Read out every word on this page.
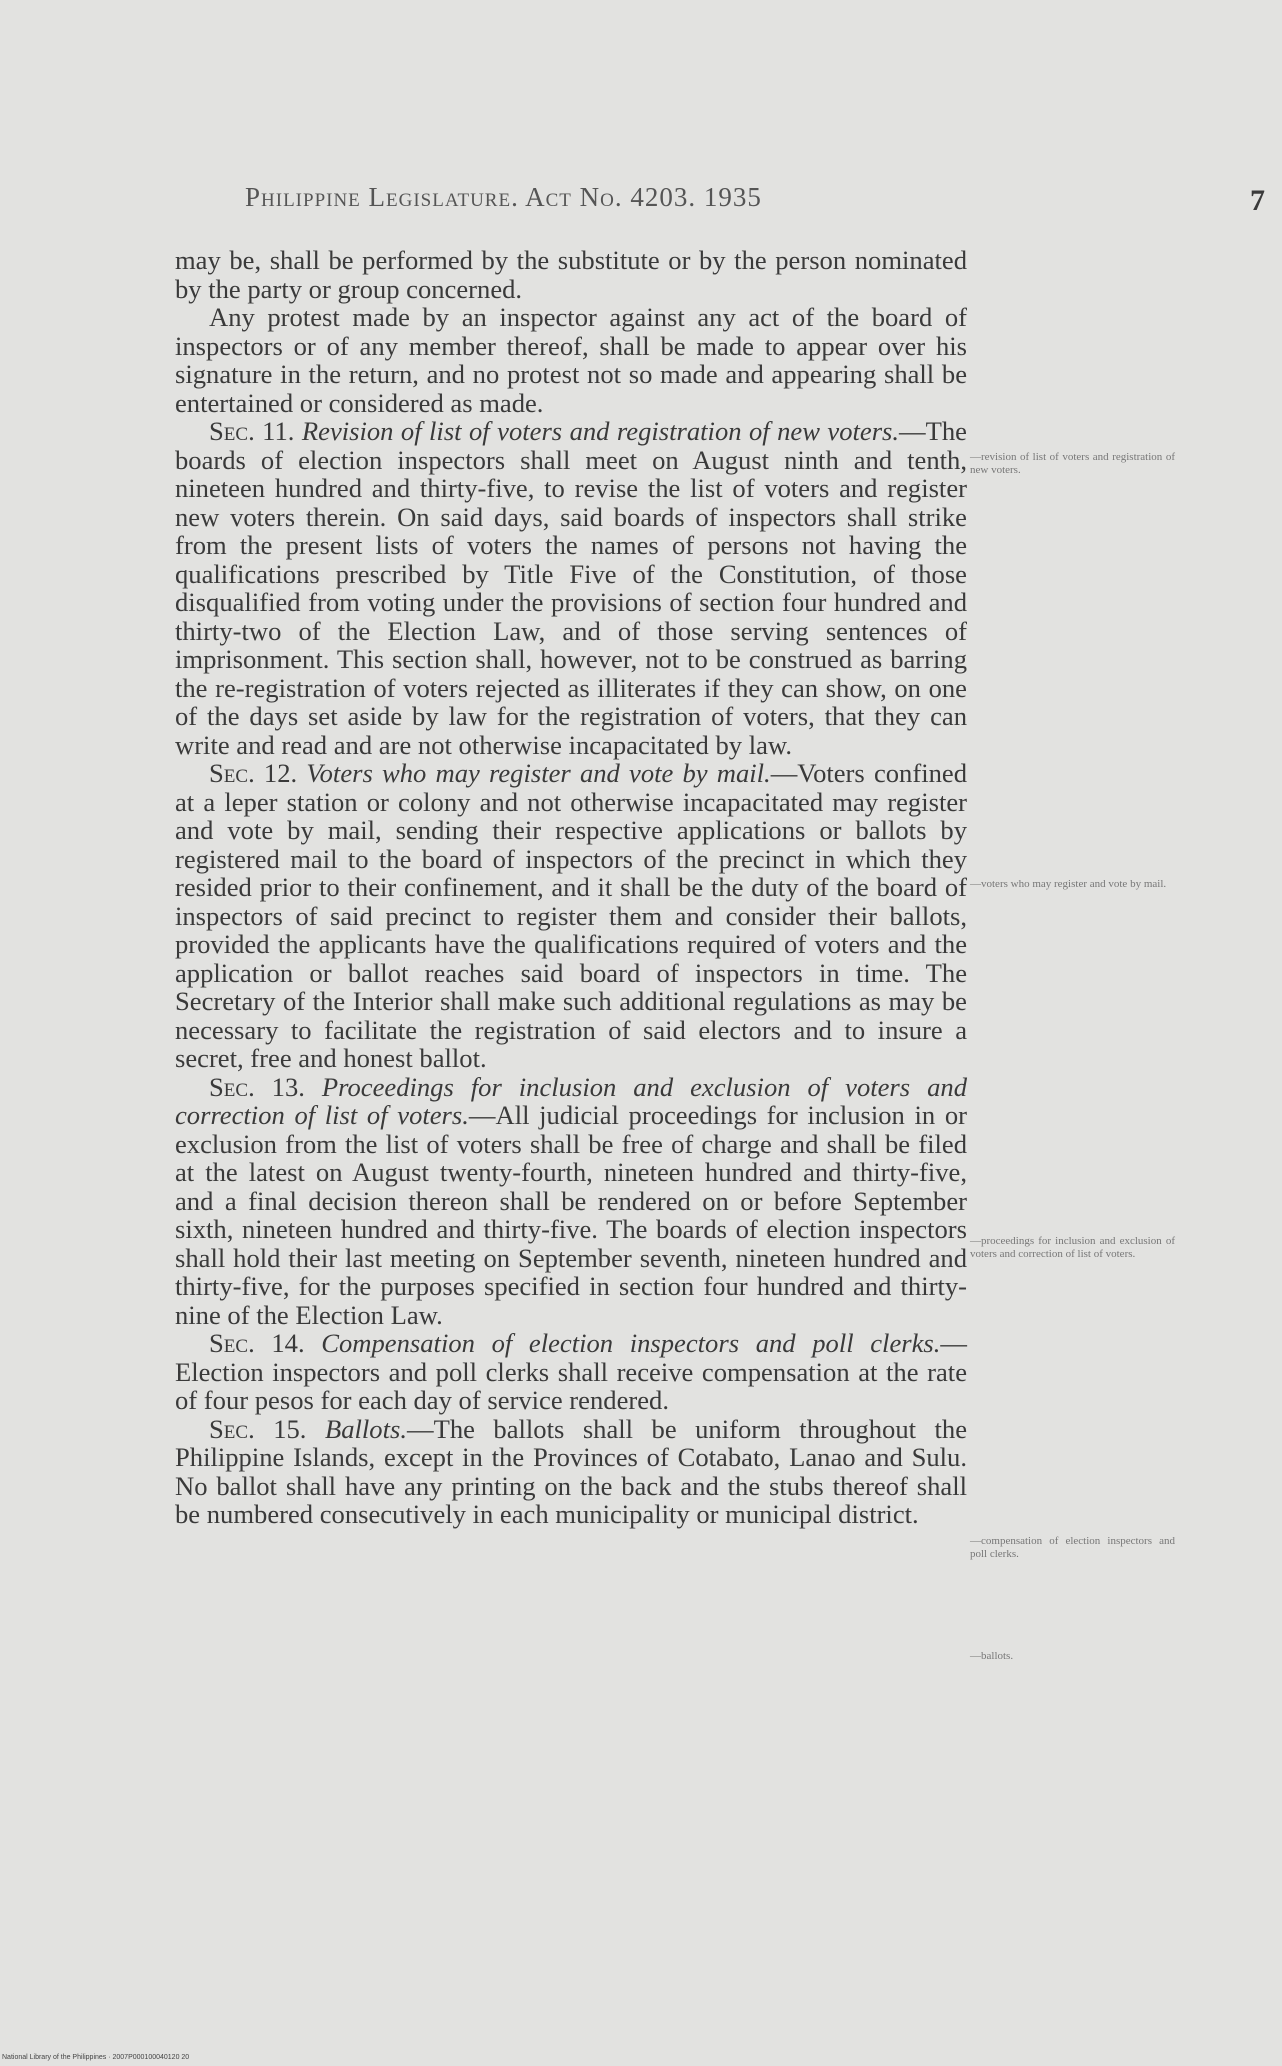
Philippine Legislature. Act No. 4203. 1935	7

may be, shall be performed by the substitute or by the person nominated by the party or group concerned.

Any protest made by an inspector against any act of the board of inspectors or of any member thereof, shall be made to appear over his signature in the return, and no protest not so made and appearing shall be entertained or considered as made.

Sec. 11. Revision of list of voters and registration of new voters.—The boards of election inspectors shall meet on August ninth and tenth, nineteen hundred and thirty-five, to revise the list of voters and register new voters therein. On said days, said boards of inspectors shall strike from the present lists of voters the names of persons not having the qualifications prescribed by Title Five of the Constitution, of those disqualified from voting under the provisions of section four hundred and thirty-two of the Election Law, and of those serving sentences of imprisonment. This section shall, however, not to be construed as barring the re-registration of voters rejected as illiterates if they can show, on one of the days set aside by law for the registration of voters, that they can write and read and are not otherwise incapacitated by law.

Sec. 12. Voters who may register and vote by mail.—Voters confined at a leper station or colony and not otherwise incapacitated may register and vote by mail, sending their respective applications or ballots by registered mail to the board of inspectors of the precinct in which they resided prior to their confinement, and it shall be the duty of the board of inspectors of said precinct to register them and consider their ballots, provided the applicants have the qualifications required of voters and the application or ballot reaches said board of inspectors in time. The Secretary of the Interior shall make such additional regulations as may be necessary to facilitate the registration of said electors and to insure a secret, free and honest ballot.

Sec. 13. Proceedings for inclusion and exclusion of voters and correction of list of voters.—All judicial proceedings for inclusion in or exclusion from the list of voters shall be free of charge and shall be filed at the latest on August twenty-fourth, nineteen hundred and thirty-five, and a final decision thereon shall be rendered on or before September sixth, nineteen hundred and thirty-five. The boards of election inspectors shall hold their last meeting on September seventh, nineteen hundred and thirty-five, for the purposes specified in section four hundred and thirty-nine of the Election Law.

Sec. 14. Compensation of election inspectors and poll clerks.—Election inspectors and poll clerks shall receive compensation at the rate of four pesos for each day of service rendered.

Sec. 15. Ballots.—The ballots shall be uniform throughout the Philippine Islands, except in the Provinces of Cotabato, Lanao and Sulu. No ballot shall have any printing on the back and the stubs thereof shall be numbered consecutively in each municipality or municipal district.

—revision of list of voters and registration of new voters.
—voters who may register and vote by mail.
—proceedings for inclusion and exclusion of voters and correction of list of voters.
—compensation of election inspectors and poll clerks.
—ballots.
National Library of the Philippines · 2007P000100040120 20
